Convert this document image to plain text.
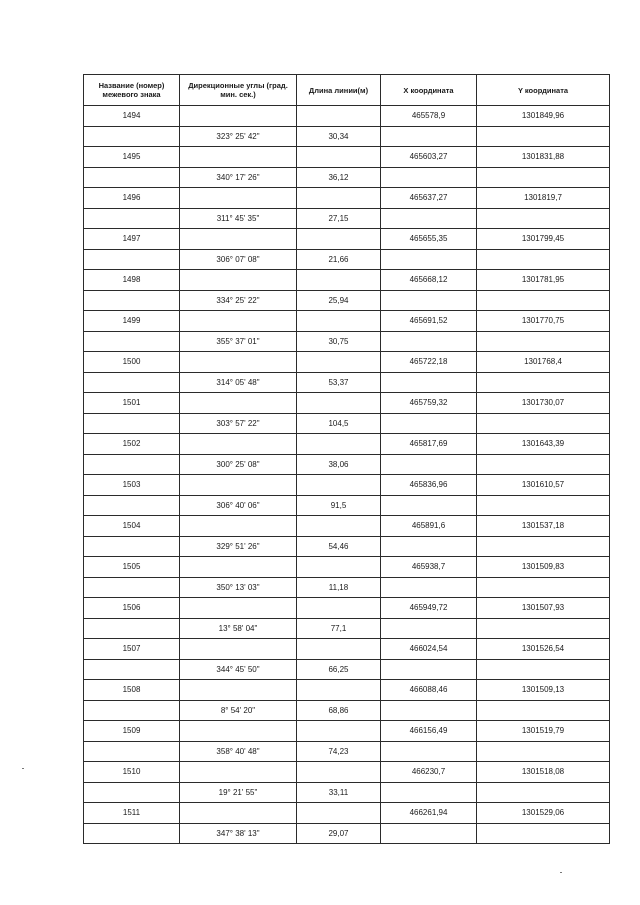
Название (номер) межевого знака	Дирекционные углы (град. мин. сек.)	Длина линии(м)	X координата	Y координата
1494			465578,9	1301849,96
	323° 25' 42"	30,34		
1495			465603,27	1301831,88
	340° 17' 26"	36,12		
1496			465637,27	1301819,7
	311° 45' 35"	27,15		
1497			465655,35	1301799,45
	306° 07' 08"	21,66		
1498			465668,12	1301781,95
	334° 25' 22"	25,94		
1499			465691,52	1301770,75
	355° 37' 01"	30,75		
1500			465722,18	1301768,4
	314° 05' 48"	53,37		
1501			465759,32	1301730,07
	303° 57' 22"	104,5		
1502			465817,69	1301643,39
	300° 25' 08"	38,06		
1503			465836,96	1301610,57
	306° 40' 06"	91,5		
1504			465891,6	1301537,18
	329° 51' 26"	54,46		
1505			465938,7	1301509,83
	350° 13' 03"	11,18		
1506			465949,72	1301507,93
	13° 58' 04"	77,1		
1507			466024,54	1301526,54
	344° 45' 50"	66,25		
1508			466088,46	1301509,13
	8° 54' 20"	68,86		
1509			466156,49	1301519,79
	358° 40' 48"	74,23		
1510			466230,7	1301518,08
	19° 21' 55"	33,11		
1511			466261,94	1301529,06
	347° 38' 13"	29,07		
